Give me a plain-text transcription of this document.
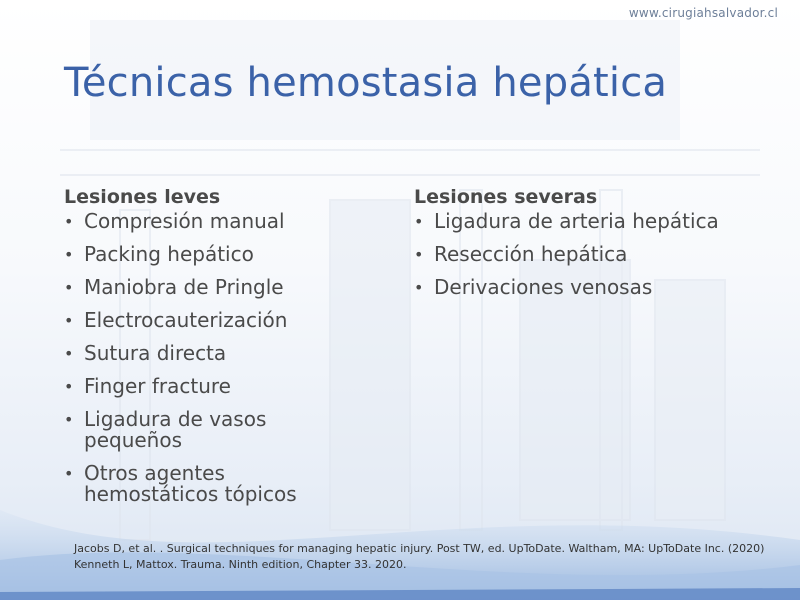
www.cirugiahsalvador.cl
Técnicas hemostasia hepática
Lesiones leves
• Compresión manual
• Packing hepático
• Maniobra de Pringle
• Electrocauterización
• Sutura directa
• Finger fracture
• Ligadura de vasos pequeños
• Otros agentes hemostáticos tópicos
Lesiones severas
• Ligadura de arteria hepática
• Resección hepática
• Derivaciones venosas
Jacobs D, et al. . Surgical techniques for managing hepatic injury. Post TW, ed. UpToDate. Waltham, MA: UpToDate Inc. (2020)
Kenneth L, Mattox. Trauma. Ninth edition, Chapter 33. 2020.
